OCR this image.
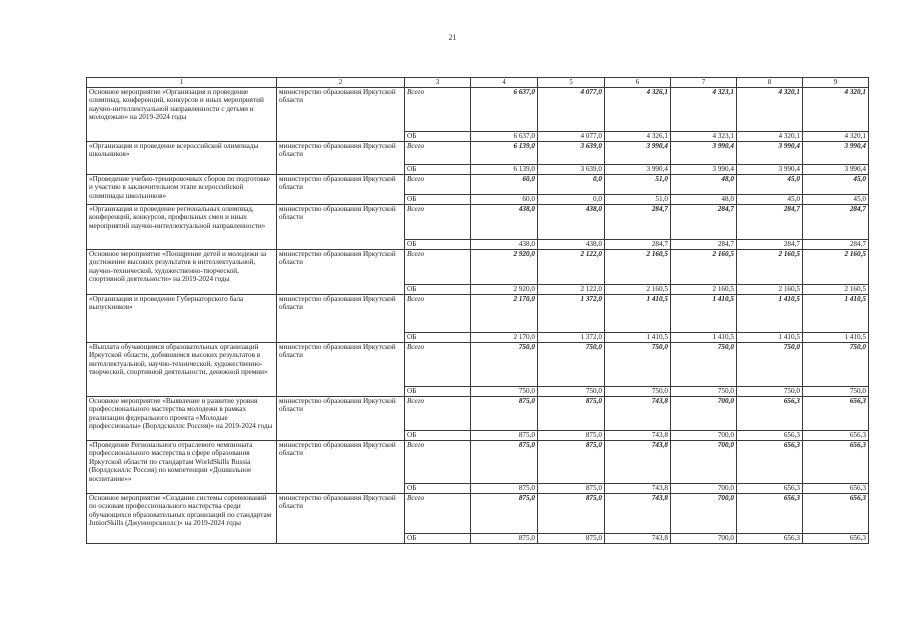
21
1	2	3	4	5	6	7	8	9
Основное мероприятие «Организация и проведение олимпиад, конференций, конкурсов и иных мероприятий научно-интеллектуальной направленности с детьми и молодежью» на 2019-2024 годы	министерство образования Иркутской области	Всего	6 637,0	4 077,0	4 326,1	4 323,1	4 320,1	4 320,1
		ОБ	6 637,0	4 077,0	4 326,1	4 323,1	4 320,1	4 320,1
«Организация и проведение всероссийской олимпиады школьников»	министерство образования Иркутской области	Всего	6 139,0	3 639,0	3 990,4	3 990,4	3 990,4	3 990,4
		ОБ	6 139,0	3 639,0	3 990,4	3 990,4	3 990,4	3 990,4
«Проведение учебно-тренировочных сборов по подготовке и участию в заключительном этапе всероссийской олимпиады школьников»	министерство образования Иркутской области	Всего	60,0	0,0	51,0	48,0	45,0	45,0
		ОБ	60,0	0,0	51,0	48,0	45,0	45,0
«Организация и проведение региональных олимпиад, конференций, конкурсов, профильных смен и иных мероприятий научно-интеллектуальной направленности»	министерство образования Иркутской области	Всего	438,0	438,0	284,7	284,7	284,7	284,7
		ОБ	438,0	438,0	284,7	284,7	284,7	284,7
Основное мероприятие «Поощрение детей и молодежи за достижение высоких результатов в интеллектуальной, научно-технической, художественно-творческой, спортивной деятельности» на 2019-2024 годы	министерство образования Иркутской области	Всего	2 920,0	2 122,0	2 160,5	2 160,5	2 160,5	2 160,5
		ОБ	2 920,0	2 122,0	2 160,5	2 160,5	2 160,5	2 160,5
«Организация и проведение Губернаторского бала выпускников»	министерство образования Иркутской области	Всего	2 170,0	1 372,0	1 410,5	1 410,5	1 410,5	1 410,5
		ОБ	2 170,0	1 372,0	1 410,5	1 410,5	1 410,5	1 410,5
«Выплата обучающимся образовательных организаций Иркутской области, добившимся высоких результатов в интеллектуальной, научно-технической, художественно-творческой, спортивной деятельности, денежной премии»	министерство образования Иркутской области	Всего	750,0	750,0	750,0	750,0	750,0	750,0
		ОБ	750,0	750,0	750,0	750,0	750,0	750,0
Основное мероприятие «Выявление и развитие уровня профессионального мастерства молодежи в рамках реализации федерального проекта «Молодые профессионалы» (Ворлдскиллс Россия)» на 2019-2024 годы	министерство образования Иркутской области	Всего	875,0	875,0	743,8	700,0	656,3	656,3
		ОБ	875,0	875,0	743,8	700,0	656,3	656,3
«Проведение Регионального отраслевого чемпионата профессионального мастерства в сфере образования Иркутской области по стандартам WorldSkills Russia (Ворлдскиллс Россия) по компетенции «Дошкольное воспитание»»	министерство образования Иркутской области	Всего	875,0	875,0	743,8	700,0	656,3	656,3
		ОБ	875,0	875,0	743,8	700,0	656,3	656,3
Основное мероприятие «Создание системы соревнований по основам профессионального мастерства среди обучающихся образовательных организаций по стандартам JuniorSkills (Джуниорскиллс)» на 2019-2024 годы	министерство образования Иркутской области	Всего	875,0	875,0	743,8	700,0	656,3	656,3
		ОБ	875,0	875,0	743,8	700,0	656,3	656,3
